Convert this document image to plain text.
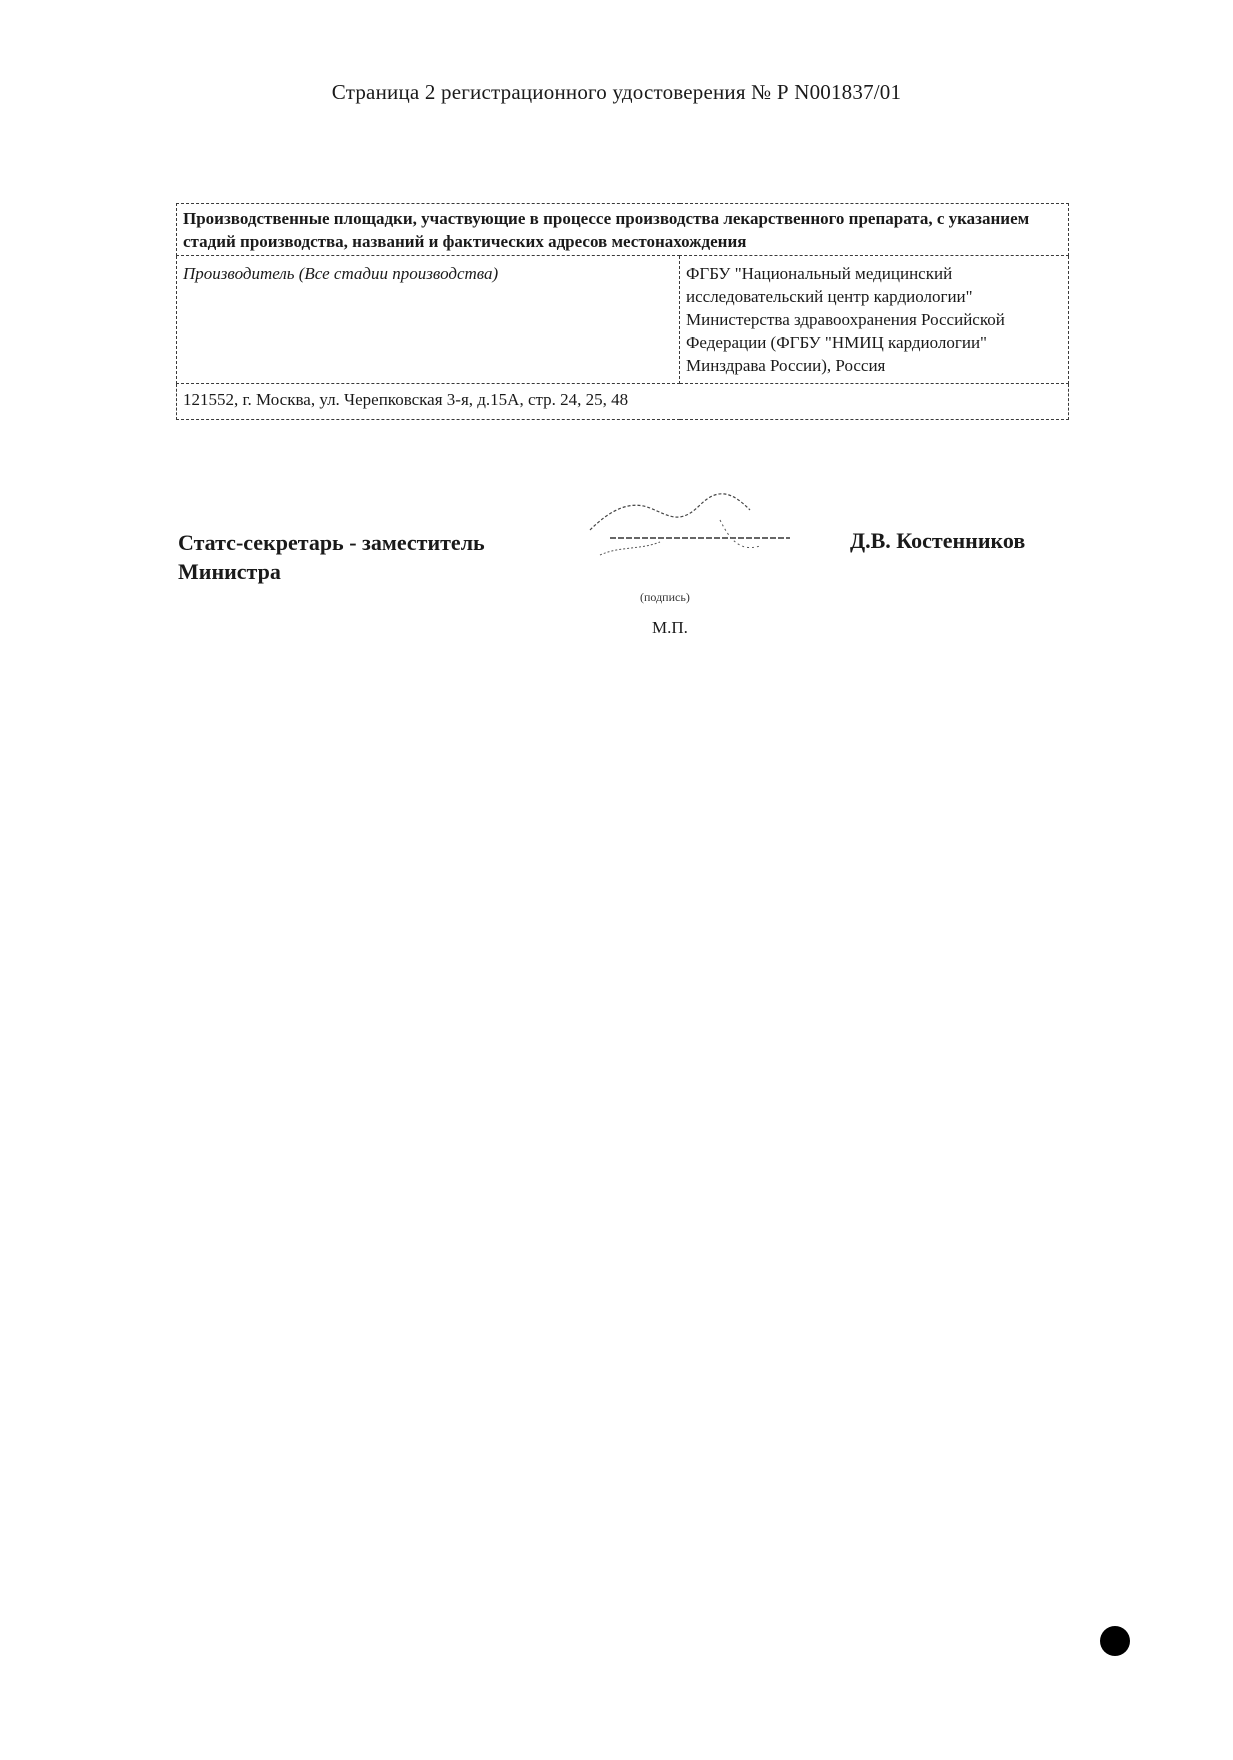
Страница 2 регистрационного удостоверения № Р N001837/01
Производственные площадки, участвующие в процессе производства лекарственного препарата, с указанием стадий производства, названий и фактических адресов местонахождения
Производитель (Все стадии производства)	ФГБУ "Национальный медицинский исследовательский центр кардиологии" Министерства здравоохранения Российской Федерации (ФГБУ "НМИЦ кардиологии" Минздрава России), Россия
121552, г. Москва, ул. Черепковская 3-я, д.15А, стр. 24, 25, 48
Статс-секретарь - заместитель
Министра
(подпись)
М.П.
Д.В. Костенников
